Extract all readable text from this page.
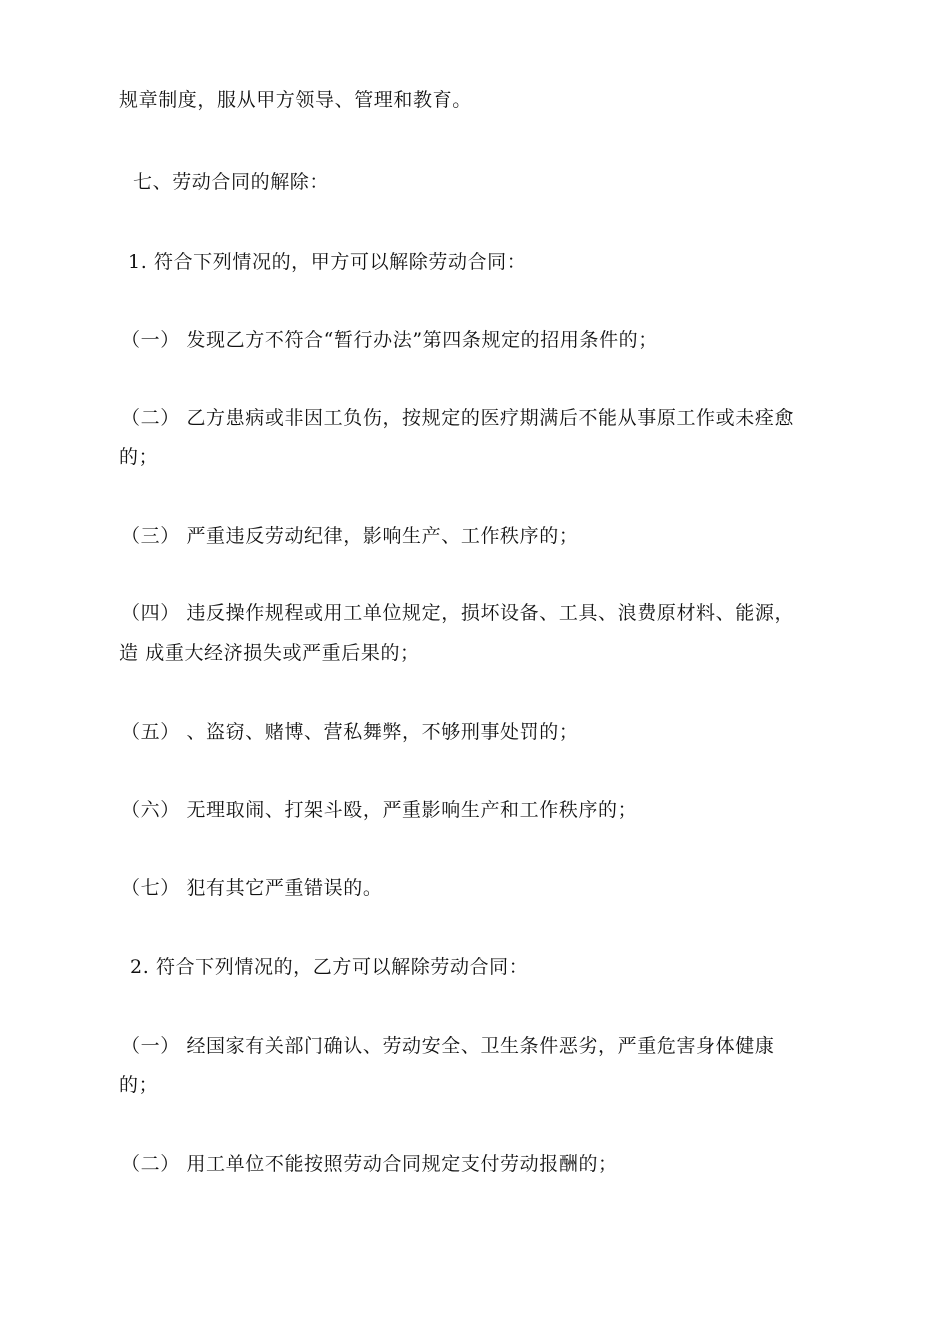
规章制度，服从甲方领导、管理和教育。
七、劳动合同的解除：
1. 符合下列情况的，甲方可以解除劳动合同：
（一） 发现乙方不符合“暂行办法”第四条规定的招用条件的；
（二） 乙方患病或非因工负伤，按规定的医疗期满后不能从事原工作或未痊愈
的；
（三） 严重违反劳动纪律，影响生产、工作秩序的；
（四） 违反操作规程或用工单位规定，损坏设备、工具、浪费原材料、能源，
造 成重大经济损失或严重后果的；
（五） 、盗窃、赌博、营私舞弊，不够刑事处罚的；
（六） 无理取闹、打架斗殴，严重影响生产和工作秩序的；
（七） 犯有其它严重错误的。
2. 符合下列情况的，乙方可以解除劳动合同：
（一） 经国家有关部门确认、劳动安全、卫生条件恶劣，严重危害身体健康
的；
（二） 用工单位不能按照劳动合同规定支付劳动报酬的；
